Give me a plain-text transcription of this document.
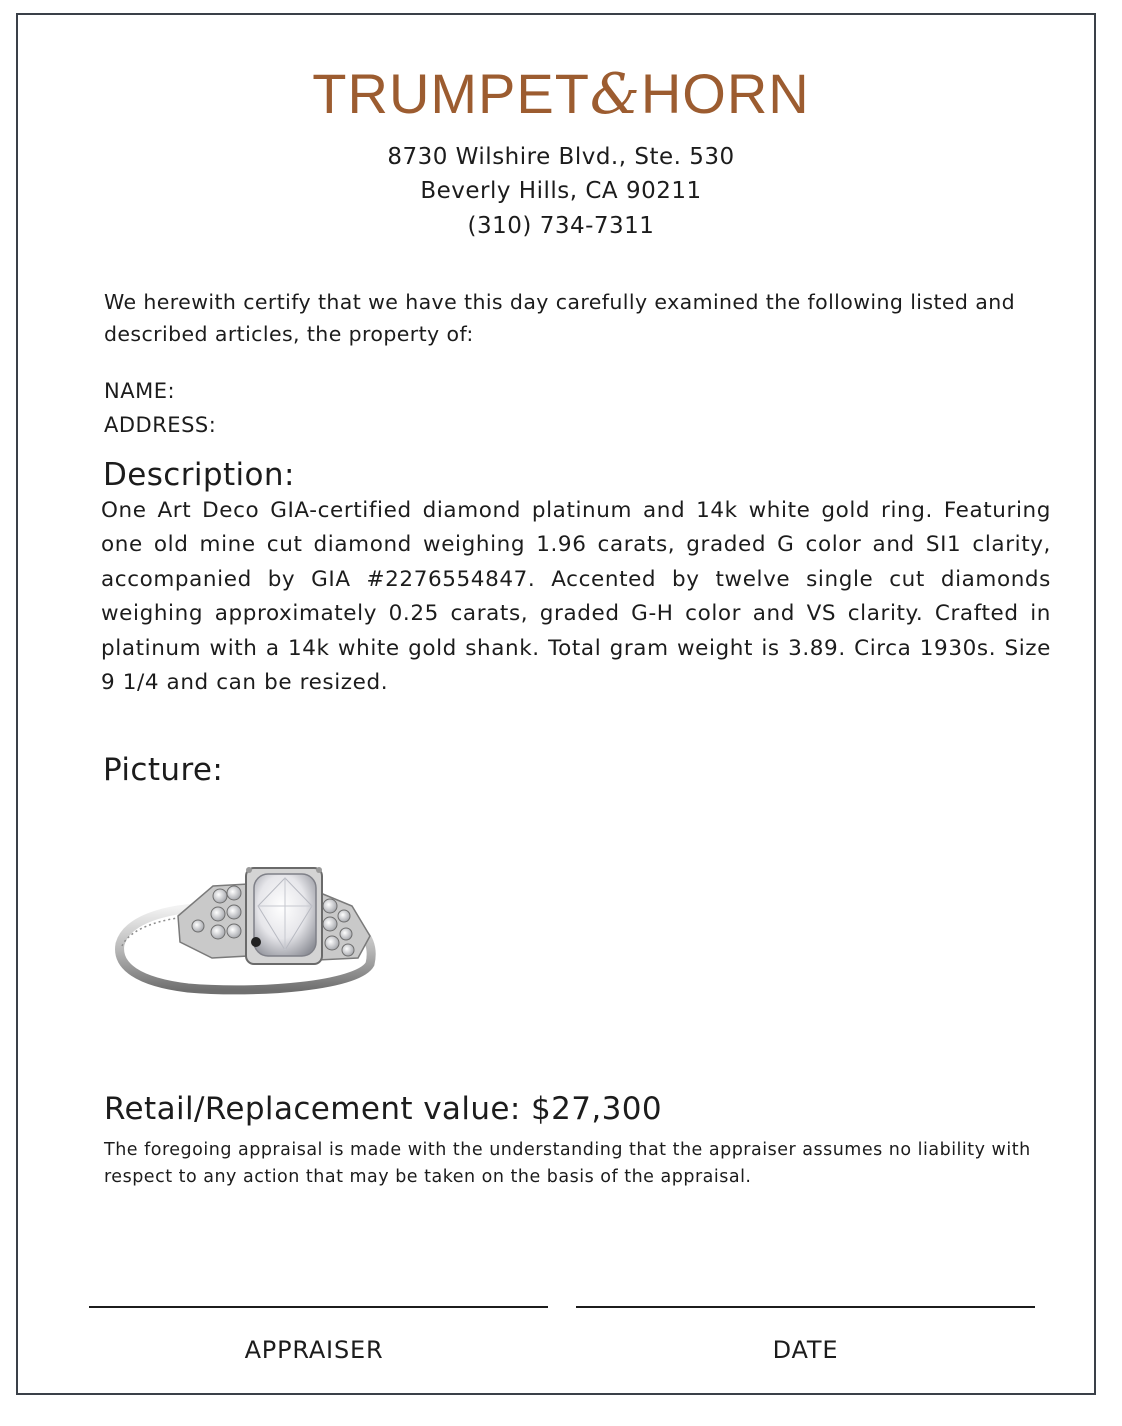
TRUMPET&HORN
8730 Wilshire Blvd., Ste. 530
Beverly Hills, CA 90211
(310) 734-7311
We herewith certify that we have this day carefully examined the following listed and described articles, the property of:
NAME:
ADDRESS:
Description:

One Art Deco GIA-certified diamond platinum and 14k white gold ring. Featuring one old mine cut diamond weighing 1.96 carats, graded G color and SI1 clarity, accompanied by GIA #2276554847. Accented by twelve single cut diamonds weighing approximately 0.25 carats, graded G-H color and VS clarity. Crafted in platinum with a 14k white gold shank. Total gram weight is 3.89. Circa 1930s. Size 9 1/4 and can be resized.

Picture:
Retail/Replacement value: $27,300

The foregoing appraisal is made with the understanding that the appraiser assumes no liability with respect to any action that may be taken on the basis of the appraisal.

APPRAISER	DATE
